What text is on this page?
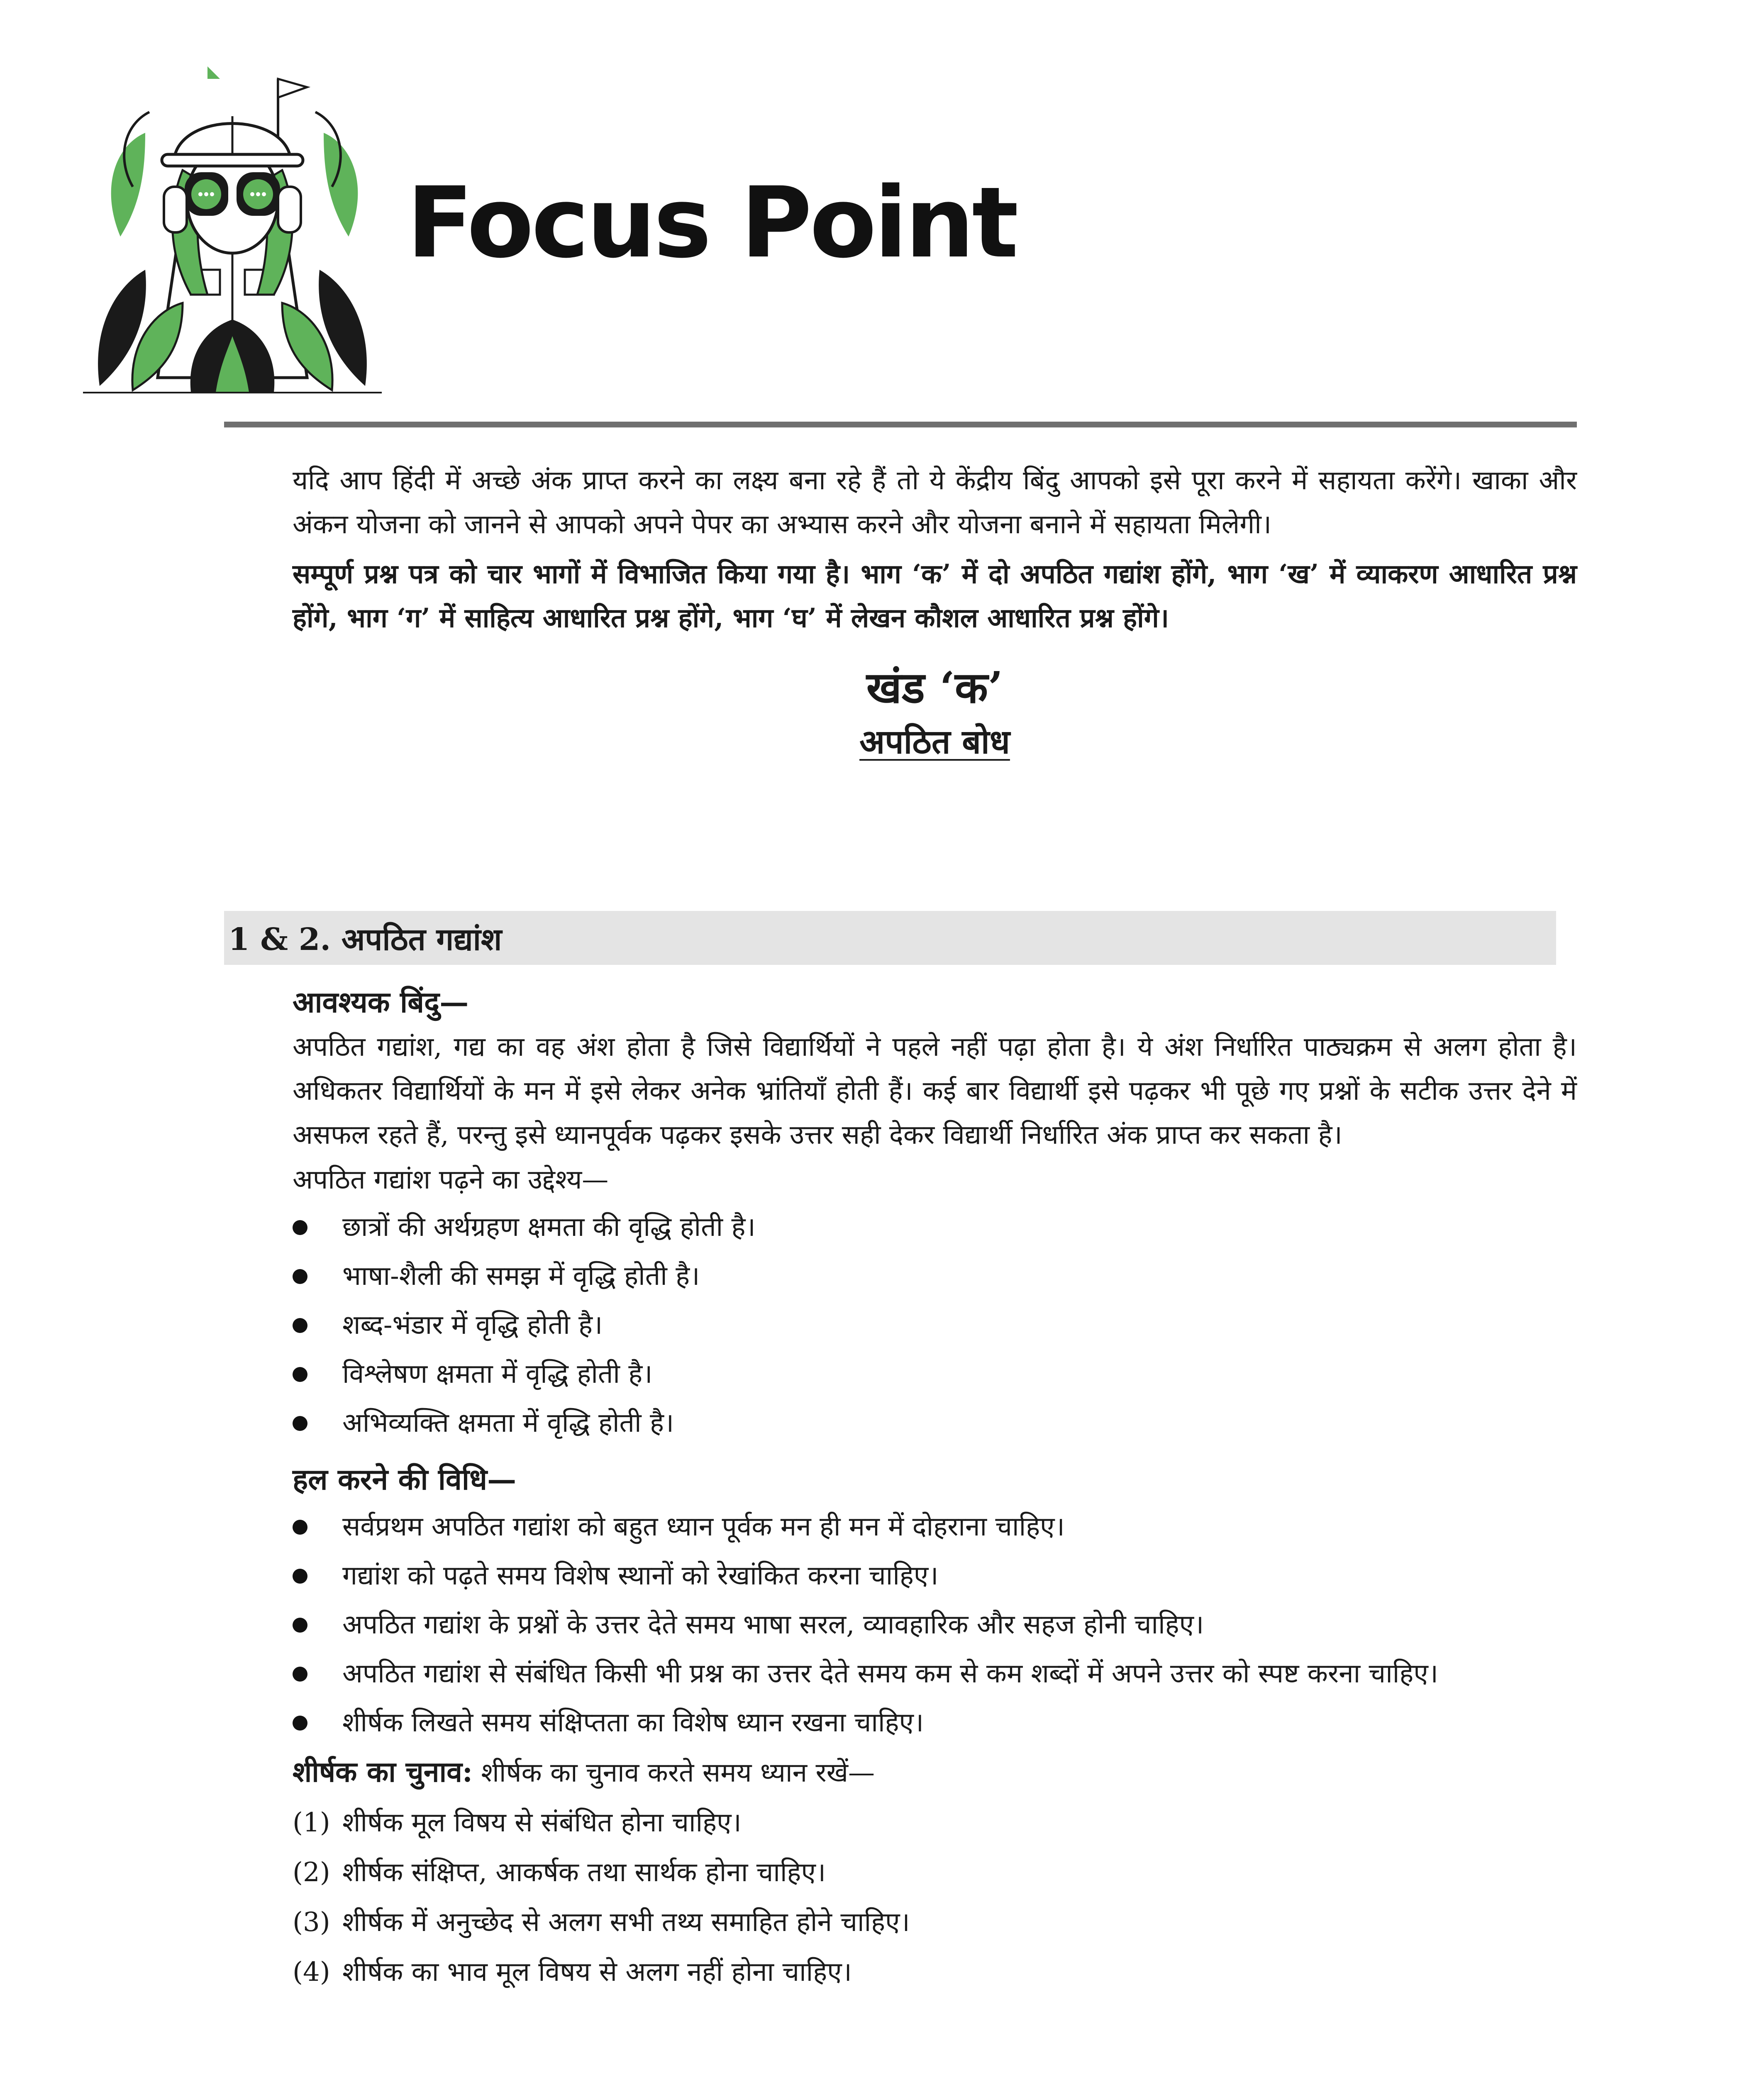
Focus Point

यदि आप हिंदी में अच्छे अंक प्राप्त करने का लक्ष्य बना रहे हैं तो ये केंद्रीय बिंदु आपको इसे पूरा करने में सहायता करेंगे। खाका और अंकन योजना को जानने से आपको अपने पेपर का अभ्यास करने और योजना बनाने में सहायता मिलेगी।

सम्पूर्ण प्रश्न पत्र को चार भागों में विभाजित किया गया है। भाग ‘क’ में दो अपठित गद्यांश होंगे, भाग ‘ख’ में व्याकरण आधारित प्रश्न होंगे, भाग ‘ग’ में साहित्य आधारित प्रश्न होंगे, भाग ‘घ’ में लेखन कौशल आधारित प्रश्न होंगे।

खंड ‘क’
अपठित बोध
1 & 2. अपठित गद्यांश

आवश्यक बिंदु—

अपठित गद्यांश, गद्य का वह अंश होता है जिसे विद्यार्थियों ने पहले नहीं पढ़ा होता है। ये अंश निर्धारित पाठ्यक्रम से अलग होता है। अधिकतर विद्यार्थियों के मन में इसे लेकर अनेक भ्रांतियाँ होती हैं। कई बार विद्यार्थी इसे पढ़कर भी पूछे गए प्रश्नों के सटीक उत्तर देने में असफल रहते हैं, परन्तु इसे ध्यानपूर्वक पढ़कर इसके उत्तर सही देकर विद्यार्थी निर्धारित अंक प्राप्त कर सकता है।

अपठित गद्यांश पढ़ने का उद्देश्य—

छात्रों की अर्थग्रहण क्षमता की वृद्धि होती है।
भाषा-शैली की समझ में वृद्धि होती है।
शब्द-भंडार में वृद्धि होती है।
विश्लेषण क्षमता में वृद्धि होती है।
अभिव्यक्ति क्षमता में वृद्धि होती है।

हल करने की विधि—

सर्वप्रथम अपठित गद्यांश को बहुत ध्यान पूर्वक मन ही मन में दोहराना चाहिए।
गद्यांश को पढ़ते समय विशेष स्थानों को रेखांकित करना चाहिए।
अपठित गद्यांश के प्रश्नों के उत्तर देते समय भाषा सरल, व्यावहारिक और सहज होनी चाहिए।
अपठित गद्यांश से संबंधित किसी भी प्रश्न का उत्तर देते समय कम से कम शब्दों में अपने उत्तर को स्पष्ट करना चाहिए।
शीर्षक लिखते समय संक्षिप्तता का विशेष ध्यान रखना चाहिए।

शीर्षक का चुनाव: शीर्षक का चुनाव करते समय ध्यान रखें—

(1) शीर्षक मूल विषय से संबंधित होना चाहिए।
(2) शीर्षक संक्षिप्त, आकर्षक तथा सार्थक होना चाहिए।
(3) शीर्षक में अनुच्छेद से अलग सभी तथ्य समाहित होने चाहिए।
(4) शीर्षक का भाव मूल विषय से अलग नहीं होना चाहिए।
